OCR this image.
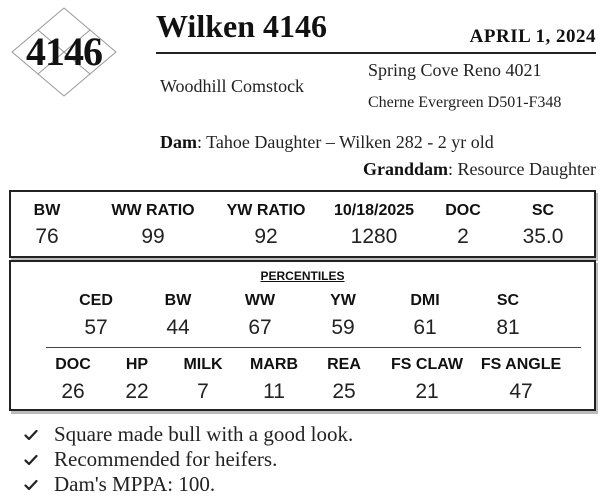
4146
Wilken 4146	APRIL 1, 2024
Woodhill Comstock
Spring Cove Reno 4021
Cherne Evergreen D501-F348
Dam: Tahoe Daughter – Wilken 282 - 2 yr old
Granddam: Resource Daughter
BW
76
WW RATIO
99
YW RATIO
92
10/18/2025
1280
DOC
2
SC
35.0
PERCENTILES
CED
57
BW
44
WW
67
YW
59
DMI
61
SC
81
DOC
26
HP
22
MILK
7
MARB
11
REA
25
FS CLAW
21
FS ANGLE
47
Square made bull with a good look.
Recommended for heifers.
Dam's MPPA: 100.
